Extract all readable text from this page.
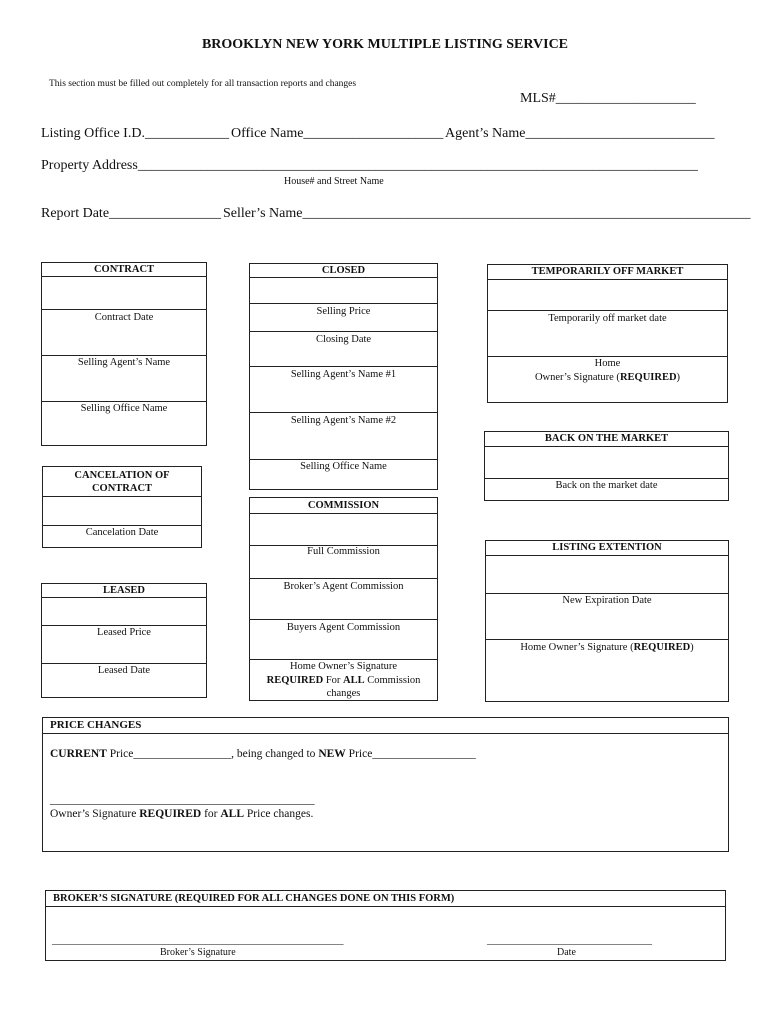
BROOKLYN NEW YORK MULTIPLE LISTING SERVICE
This section must be filled out completely for all transaction reports and changes
MLS#____________________
Listing Office I.D.____________ Office Name____________________ Agent’s Name___________________________
Property Address________________________________________________________________________________
House# and Street Name
Report Date________________ Seller’s Name________________________________________________________________
CONTRACT
Contract Date
Selling Agent’s Name
Selling Office Name
CANCELATION OF
CONTRACT
Cancelation Date
LEASED
Leased Price
Leased Date
CLOSED
Selling Price
Closing Date
Selling Agent’s Name #1
Selling Agent’s Name #2
Selling Office Name
COMMISSION
Full Commission
Broker’s Agent Commission
Buyers Agent Commission
Home Owner’s Signature
REQUIRED For ALL Commission
changes
TEMPORARILY OFF MARKET
Temporarily off market date
Home
Owner’s Signature (REQUIRED)
BACK ON THE MARKET
Back on the market date
LISTING EXTENTION
New Expiration Date
Home Owner’s Signature (REQUIRED)
PRICE CHANGES
CURRENT Price_________________, being changed to NEW Price__________________
______________________________________________
Owner’s Signature REQUIRED for ALL Price changes.
BROKER’S SIGNATURE (REQUIRED FOR ALL CHANGES DONE ON THIS FORM)
_____________________________________________________
Broker’s Signature
______________________________
Date
